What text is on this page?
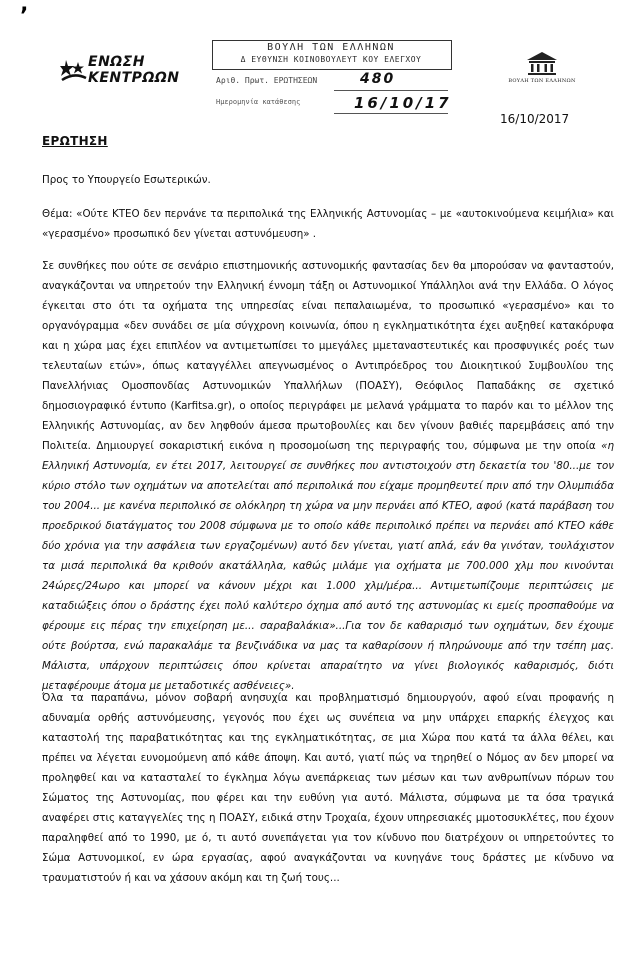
ʼ
ΕΝΩΣΗ
ΚΕΝΤΡΩΩΝ
ΒΟΥΛΗ ΤΩΝ ΕΛΛΗΝΩΝ
Δ ΕΥΘΥΝΣΗ ΚΟΙΝΟΒΟΥΛΕΥΤ ΚΟΥ ΕΛΕΓΧΟΥ
Αριθ. Πρωτ. ΕΡΩΤΗΣΕΩΝ	480
Ημερομηνία κατάθεσης	16/10/17
ΒΟΥΛΗ ΤΩΝ ΕΛΛΗΝΩΝ
16/10/2017
ΕΡΩΤΗΣΗ

Προς το Υπουργείο Εσωτερικών.

Θέμα: «Ούτε ΚΤΕΟ δεν περνάνε τα περιπολικά της Ελληνικής Αστυνομίας – με «αυτοκινούμενα κειμήλια» και «γερασμένο» προσωπικό δεν γίνεται αστυνόμευση» .

Σε συνθήκες που ούτε σε σενάριο επιστημονικής αστυνομικής φαντασίας δεν θα μπορούσαν να φανταστούν, αναγκάζονται να υπηρετούν την Ελληνική έννομη τάξη οι Αστυνομικοί Υπάλληλοι ανά την Ελλάδα. Ο λόγος έγκειται στο ότι τα οχήματα της υπηρεσίας είναι πεπαλαιωμένα, το προσωπικό «γερασμένο» και το οργανόγραμμα «δεν συνάδει σε μία σύγχρονη κοινωνία, όπου η εγκληματικότητα έχει αυξηθεί κατακόρυφα και η χώρα μας έχει επιπλέον να αντιμετωπίσει το μμεγάλες μμεταναστευτικές και προσφυγικές ροές των τελευταίων ετών», όπως καταγγέλλει απεγνωσμένος ο Αντιπρόεδρος του Διοικητικού Συμβουλίου της Πανελλήνιας Ομοσπονδίας Αστυνομικών Υπαλλήλων (ΠΟΑΣΥ), Θεόφιλος Παπαδάκης σε σχετικό δημοσιογραφικό έντυπο (Karfitsa.gr), ο οποίος περιγράφει με μελανά γράμματα το παρόν και το μέλλον της Ελληνικής Αστυνομίας, αν δεν ληφθούν άμεσα πρωτοβουλίες και δεν γίνουν βαθιές παρεμβάσεις από την Πολιτεία. Δημιουργεί σοκαριστική εικόνα η προσομοίωση της περιγραφής του, σύμφωνα με την οποία «η Ελληνική Αστυνομία, εν έτει 2017, λειτουργεί σε συνθήκες που αντιστοιχούν στη δεκαετία του '80...με τον κύριο στόλο των οχημάτων να αποτελείται από περιπολικά που είχαμε προμηθευτεί πριν από την Ολυμπιάδα του 2004... με κανένα περιπολικό σε ολόκληρη τη χώρα να μην περνάει από ΚΤΕΟ, αφού (κατά παράβαση του προεδρικού διατάγματος του 2008 σύμφωνα με το οποίο κάθε περιπολικό πρέπει να περνάει από ΚΤΕΟ κάθε δύο χρόνια για την ασφάλεια των εργαζομένων) αυτό δεν γίνεται, γιατί απλά, εάν θα γινόταν, τουλάχιστον τα μισά περιπολικά θα κριθούν ακατάλληλα, καθώς μιλάμε για οχήματα με 700.000 χλμ που κινούνται 24ώρες/24ωρο και μπορεί να κάνουν μέχρι και 1.000 χλμ/μέρα... Αντιμετωπίζουμε περιπτώσεις με καταδιώξεις όπου ο δράστης έχει πολύ καλύτερο όχημα από αυτό της αστυνομίας κι εμείς προσπαθούμε να φέρουμε εις πέρας την επιχείρηση με... σαραβαλάκια»...Για τον δε καθαρισμό των οχημάτων, δεν έχουμε ούτε βούρτσα, ενώ παρακαλάμε τα βενζινάδικα να μας τα καθαρίσουν ή πληρώνουμε από την τσέπη μας. Μάλιστα, υπάρχουν περιπτώσεις όπου κρίνεται απαραίτητο να γίνει βιολογικός καθαρισμός, διότι μεταφέρουμε άτομα με μεταδοτικές ασθένειες».

Όλα τα παραπάνω, μόνον σοβαρή ανησυχία και προβληματισμό δημιουργούν, αφού είναι προφανής η αδυναμία ορθής αστυνόμευσης, γεγονός που έχει ως συνέπεια να μην υπάρχει επαρκής έλεγχος και καταστολή της παραβατικότητας και της εγκληματικότητας, σε μια Χώρα που κατά τα άλλα θέλει, και πρέπει να λέγεται ευνομούμενη από κάθε άποψη. Και αυτό, γιατί πώς να τηρηθεί ο Νόμος αν δεν μπορεί να προληφθεί και να κατασταλεί το έγκλημα λόγω ανεπάρκειας των μέσων και των ανθρωπίνων πόρων του Σώματος της Αστυνομίας, που φέρει και την ευθύνη για αυτό. Μάλιστα, σύμφωνα με τα όσα τραγικά αναφέρει στις καταγγελίες της η ΠΟΑΣΥ, ειδικά στην Τροχαία, έχουν υπηρεσιακές μμοτοσυκλέτες, που έχουν παραληφθεί από το 1990, με ό, τι αυτό συνεπάγεται για τον κίνδυνο που διατρέχουν οι υπηρετούντες το Σώμα Αστυνομικοί, εν ώρα εργασίας, αφού αναγκάζονται να κυνηγάνε τους δράστες με κίνδυνο να τραυματιστούν ή και να χάσουν ακόμη και τη ζωή τους...
